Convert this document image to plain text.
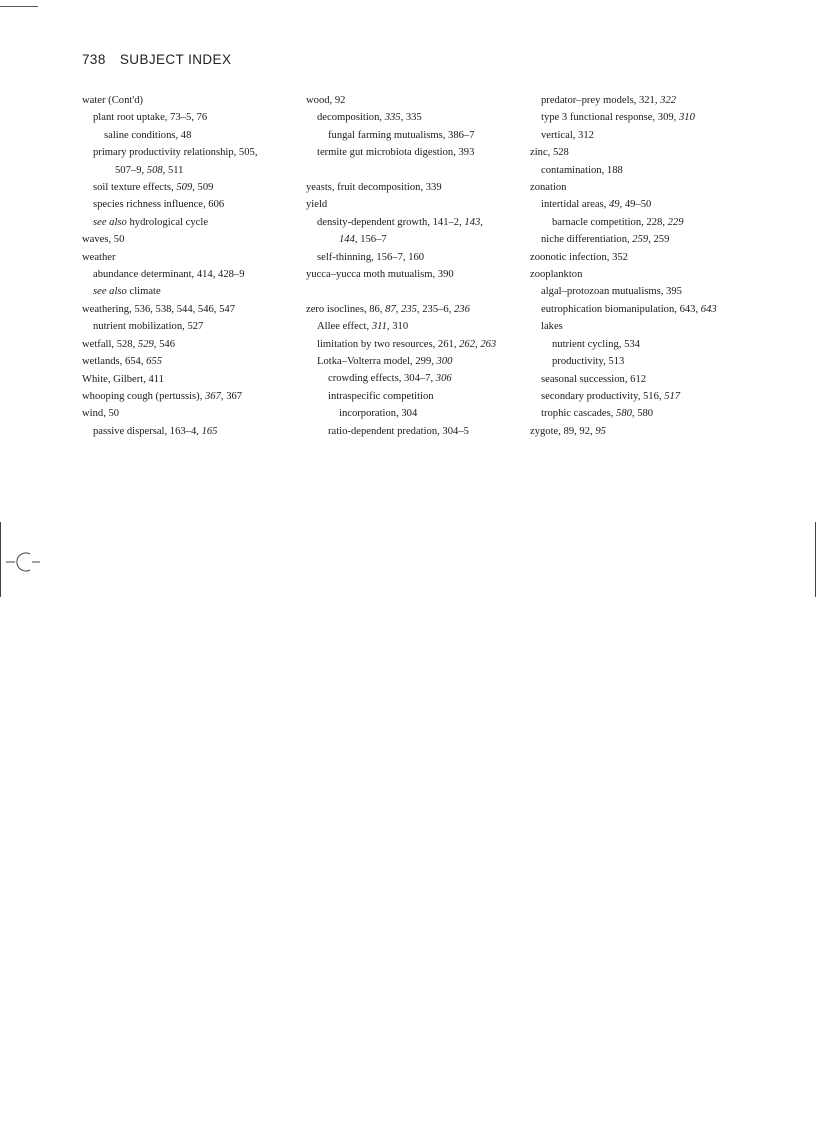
738 SUBJECT INDEX
water (Cont'd)
plant root uptake, 73–5, 76
saline conditions, 48
primary productivity relationship, 505,
507–9, 508, 511
soil texture effects, 509, 509
species richness influence, 606
see also hydrological cycle
waves, 50
weather
abundance determinant, 414, 428–9
see also climate
weathering, 536, 538, 544, 546, 547
nutrient mobilization, 527
wetfall, 528, 529, 546
wetlands, 654, 655
White, Gilbert, 411
whooping cough (pertussis), 367, 367
wind, 50
passive dispersal, 163–4, 165
wood, 92
decomposition, 335, 335
fungal farming mutualisms, 386–7
termite gut microbiota digestion, 393
yeasts, fruit decomposition, 339
yield
density-dependent growth, 141–2, 143,
144, 156–7
self-thinning, 156–7, 160
yucca–yucca moth mutualism, 390
zero isoclines, 86, 87, 235, 235–6, 236
Allee effect, 311, 310
limitation by two resources, 261, 262, 263
Lotka–Volterra model, 299, 300
crowding effects, 304–7, 306
intraspecific competition
incorporation, 304
ratio-dependent predation, 304–5
predator–prey models, 321, 322
type 3 functional response, 309, 310
vertical, 312
zinc, 528
contamination, 188
zonation
intertidal areas, 49, 49–50
barnacle competition, 228, 229
niche differentiation, 259, 259
zoonotic infection, 352
zooplankton
algal–protozoan mutualisms, 395
eutrophication biomanipulation, 643, 643
lakes
nutrient cycling, 534
productivity, 513
seasonal succession, 612
secondary productivity, 516, 517
trophic cascades, 580, 580
zygote, 89, 92, 95
